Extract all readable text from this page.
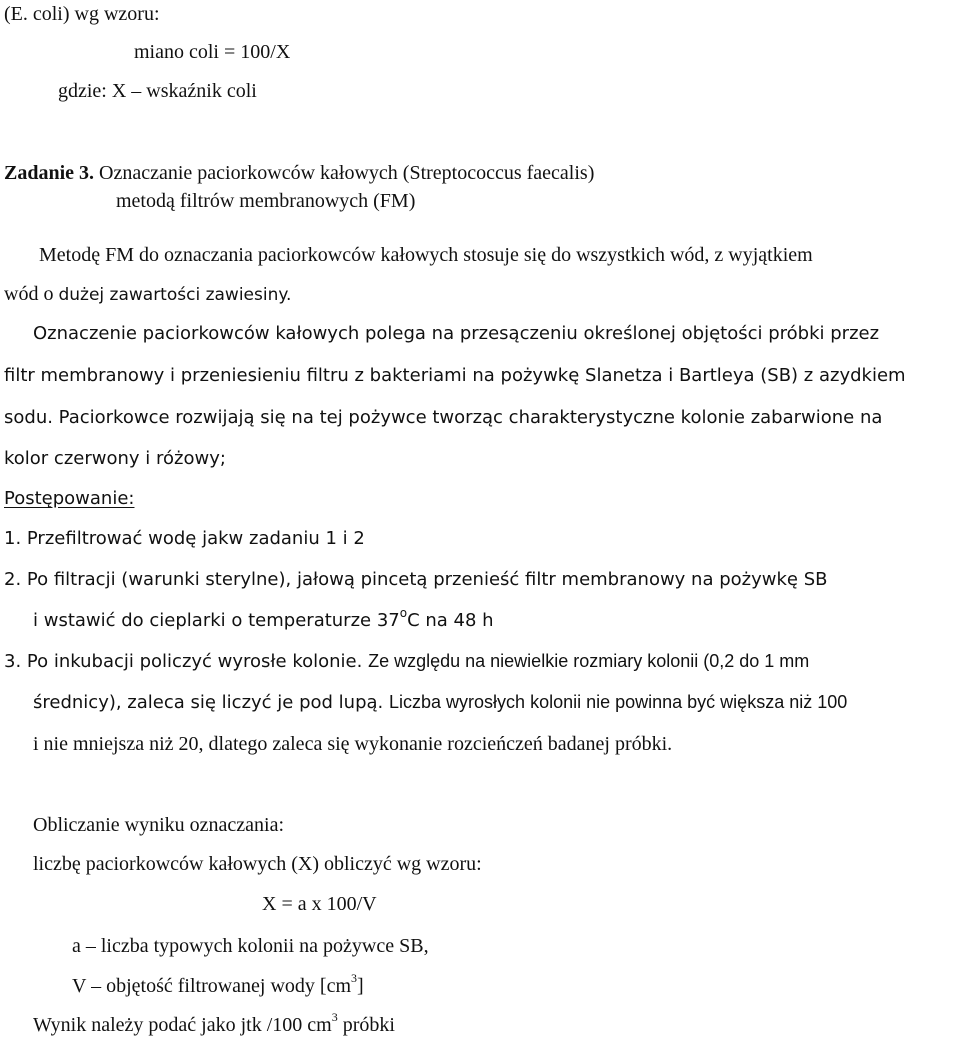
(E. coli) wg wzoru:
miano coli = 100/X
gdzie: X – wskaźnik coli
Zadanie 3. Oznaczanie paciorkowców kałowych (Streptococcus faecalis)
metodą filtrów membranowych (FM)
Metodę FM do oznaczania paciorkowców kałowych stosuje się do wszystkich wód, z wyjątkiem
wód o dużej zawartości zawiesiny.
Oznaczenie paciorkowców kałowych polega na przesączeniu określonej objętości próbki przez
filtr membranowy i przeniesieniu filtru z bakteriami na pożywkę Slanetza i Bartleya (SB) z azydkiem
sodu. Paciorkowce rozwijają się na tej pożywce tworząc charakterystyczne kolonie zabarwione na
kolor czerwony i różowy;
Postępowanie:
1. Przefiltrować wodę jakw zadaniu 1 i 2
2. Po filtracji (warunki sterylne), jałową pincetą przenieść filtr membranowy na pożywkę SB
i wstawić do cieplarki o temperaturze 37$^o$C na 48 h
3. Po inkubacji policzyć wyrosłe kolonie. Ze względu na niewielkie rozmiary kolonii (0,2 do 1 mm
średnicy), zaleca się liczyć je pod lupą. Liczba wyrosłych kolonii nie powinna być większa niż 100
i nie mniejsza niż 20, dlatego zaleca się wykonanie rozcieńczeń badanej próbki.
Obliczanie wyniku oznaczania:
liczbę paciorkowców kałowych (X) obliczyć wg wzoru:
X = a x 100/V
a – liczba typowych kolonii na pożywce SB,
V – objętość filtrowanej wody $[cm^3]$
Wynik należy podać jako jtk /100 $cm^3$ próbki
